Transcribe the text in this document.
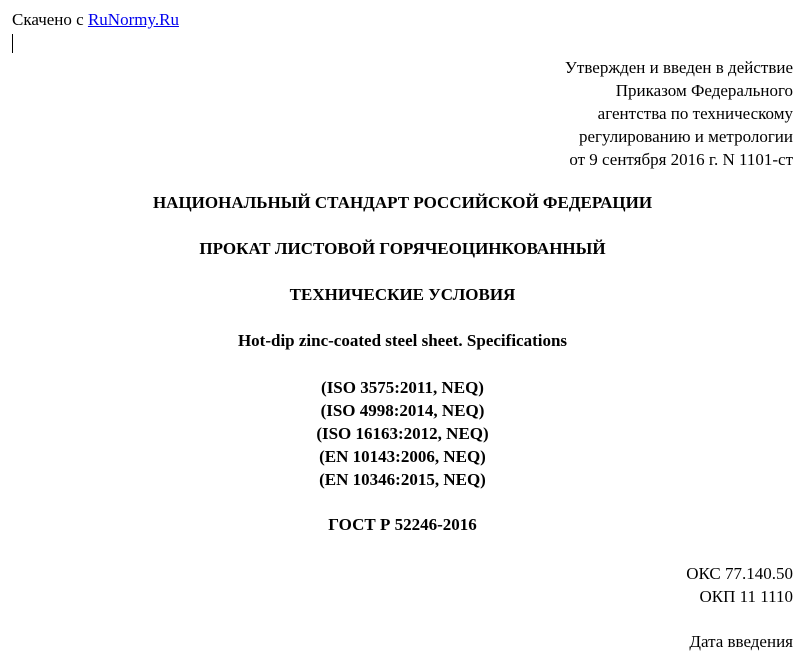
Скачено с RuNormy.Ru
Утвержден и введен в действие
Приказом Федерального
агентства по техническому
регулированию и метрологии
от 9 сентября 2016 г. N 1101-ст
НАЦИОНАЛЬНЫЙ СТАНДАРТ РОССИЙСКОЙ ФЕДЕРАЦИИ
ПРОКАТ ЛИСТОВОЙ ГОРЯЧЕОЦИНКОВАННЫЙ
ТЕХНИЧЕСКИЕ УСЛОВИЯ
Hot-dip zinc-coated steel sheet. Specifications
(ISO 3575:2011, NEQ)
(ISO 4998:2014, NEQ)
(ISO 16163:2012, NEQ)
(EN 10143:2006, NEQ)
(EN 10346:2015, NEQ)
ГОСТ Р 52246-2016
ОКС 77.140.50
ОКП 11 1110
Дата введения
